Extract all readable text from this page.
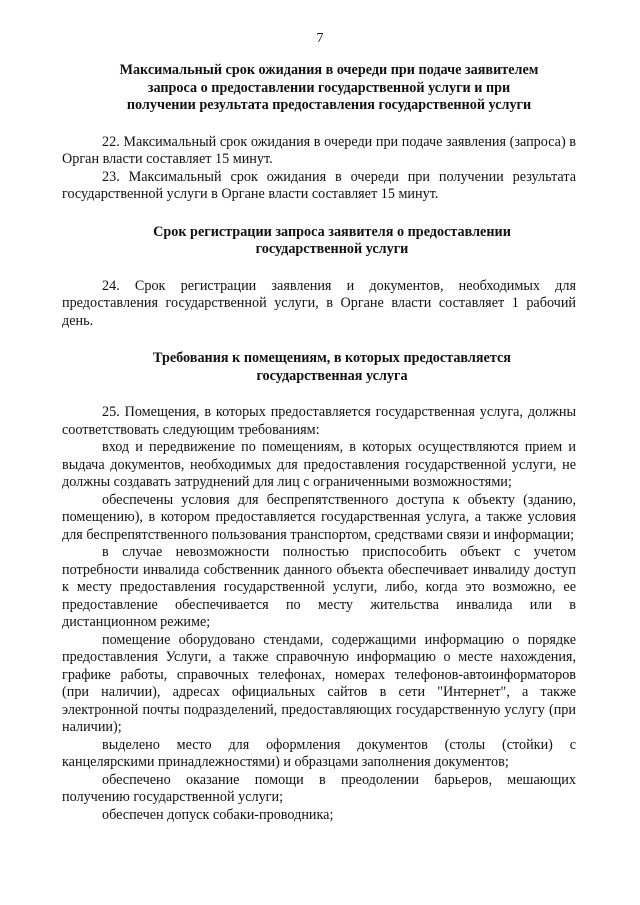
7

Максимальный срок ожидания в очереди при подаче заявителем запроса о предоставлении государственной услуги и при получении результата предоставления государственной услуги

22. Максимальный срок ожидания в очереди при подаче заявления (запроса) в Орган власти составляет 15 минут.

23. Максимальный срок ожидания в очереди при получении результата государственной услуги в Органе власти составляет 15 минут.

Срок регистрации запроса заявителя о предоставлении государственной услуги

24. Срок регистрации заявления и документов, необходимых для предоставления государственной услуги, в Органе власти составляет 1 рабочий день.

Требования к помещениям, в которых предоставляется государственная услуга

25. Помещения, в которых предоставляется государственная услуга, должны соответствовать следующим требованиям:

вход и передвижение по помещениям, в которых осуществляются прием и выдача документов, необходимых для предоставления государственной услуги, не должны создавать затруднений для лиц с ограниченными возможностями;

обеспечены условия для беспрепятственного доступа к объекту (зданию, помещению), в котором предоставляется государственная услуга, а также условия для беспрепятственного пользования транспортом, средствами связи и информации;

в случае невозможности полностью приспособить объект с учетом потребности инвалида собственник данного объекта обеспечивает инвалиду доступ к месту предоставления государственной услуги, либо, когда это возможно, ее предоставление обеспечивается по месту жительства инвалида или в дистанционном режиме;

помещение оборудовано стендами, содержащими информацию о порядке предоставления Услуги, а также справочную информацию о месте нахождения, графике работы, справочных телефонах, номерах телефонов-автоинформаторов (при наличии), адресах официальных сайтов в сети "Интернет", а также электронной почты подразделений, предоставляющих государственную услугу (при наличии);

выделено место для оформления документов (столы (стойки) с канцелярскими принадлежностями) и образцами заполнения документов;

обеспечено оказание помощи в преодолении барьеров, мешающих получению государственной услуги;

обеспечен допуск собаки-проводника;
